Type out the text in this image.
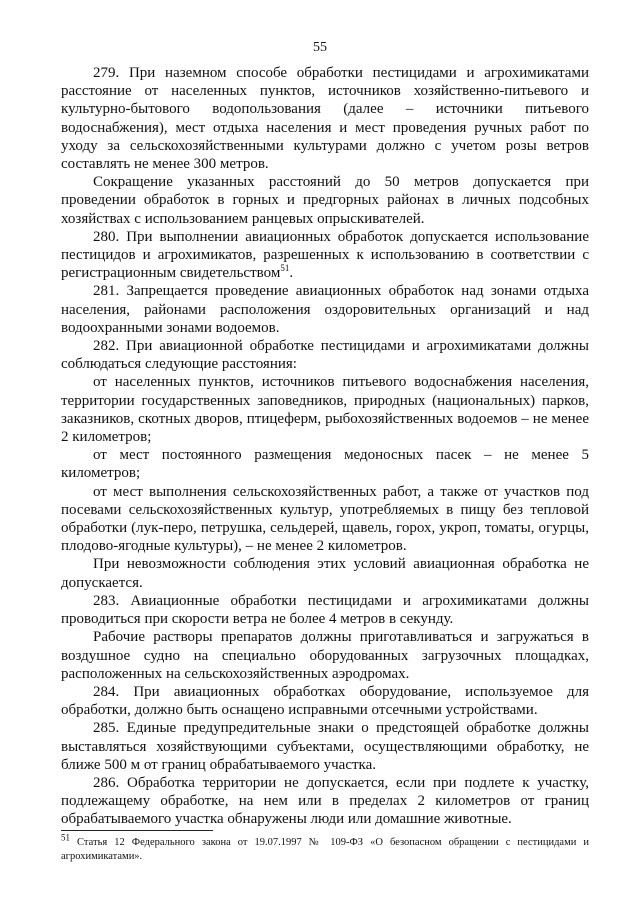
55

279. При наземном способе обработки пестицидами и агрохимикатами расстояние от населенных пунктов, источников хозяйственно-питьевого и культурно-бытового водопользования (далее – источники питьевого водоснабжения), мест отдыха населения и мест проведения ручных работ по уходу за сельскохозяйственными культурами должно с учетом розы ветров составлять не менее 300 метров.

Сокращение указанных расстояний до 50 метров допускается при проведении обработок в горных и предгорных районах в личных подсобных хозяйствах с использованием ранцевых опрыскивателей.

280. При выполнении авиационных обработок допускается использование пестицидов и агрохимикатов, разрешенных к использованию в соответствии с регистрационным свидетельством$^{51}$.

281. Запрещается проведение авиационных обработок над зонами отдыха населения, районами расположения оздоровительных организаций и над водоохранными зонами водоемов.

282. При авиационной обработке пестицидами и агрохимикатами должны соблюдаться следующие расстояния:

от населенных пунктов, источников питьевого водоснабжения населения, территории государственных заповедников, природных (национальных) парков, заказников, скотных дворов, птицеферм, рыбохозяйственных водоемов – не менее 2 километров;

от мест постоянного размещения медоносных пасек – не менее 5 километров;

от мест выполнения сельскохозяйственных работ, а также от участков под посевами сельскохозяйственных культур, употребляемых в пищу без тепловой обработки (лук-перо, петрушка, сельдерей, щавель, горох, укроп, томаты, огурцы, плодово-ягодные культуры), – не менее 2 километров.

При невозможности соблюдения этих условий авиационная обработка не допускается.

283. Авиационные обработки пестицидами и агрохимикатами должны проводиться при скорости ветра не более 4 метров в секунду.

Рабочие растворы препаратов должны приготавливаться и загружаться в воздушное судно на специально оборудованных загрузочных площадках, расположенных на сельскохозяйственных аэродромах.

284. При авиационных обработках оборудование, используемое для обработки, должно быть оснащено исправными отсечными устройствами.

285. Единые предупредительные знаки о предстоящей обработке должны выставляться хозяйствующими субъектами, осуществляющими обработку, не ближе 500 м от границ обрабатываемого участка.

286. Обработка территории не допускается, если при подлете к участку, подлежащему обработке, на нем или в пределах 2 километров от границ обрабатываемого участка обнаружены люди или домашние животные.

$^{51}$ Статья 12 Федерального закона от 19.07.1997 № 109-ФЗ «О безопасном обращении с пестицидами и агрохимикатами».
